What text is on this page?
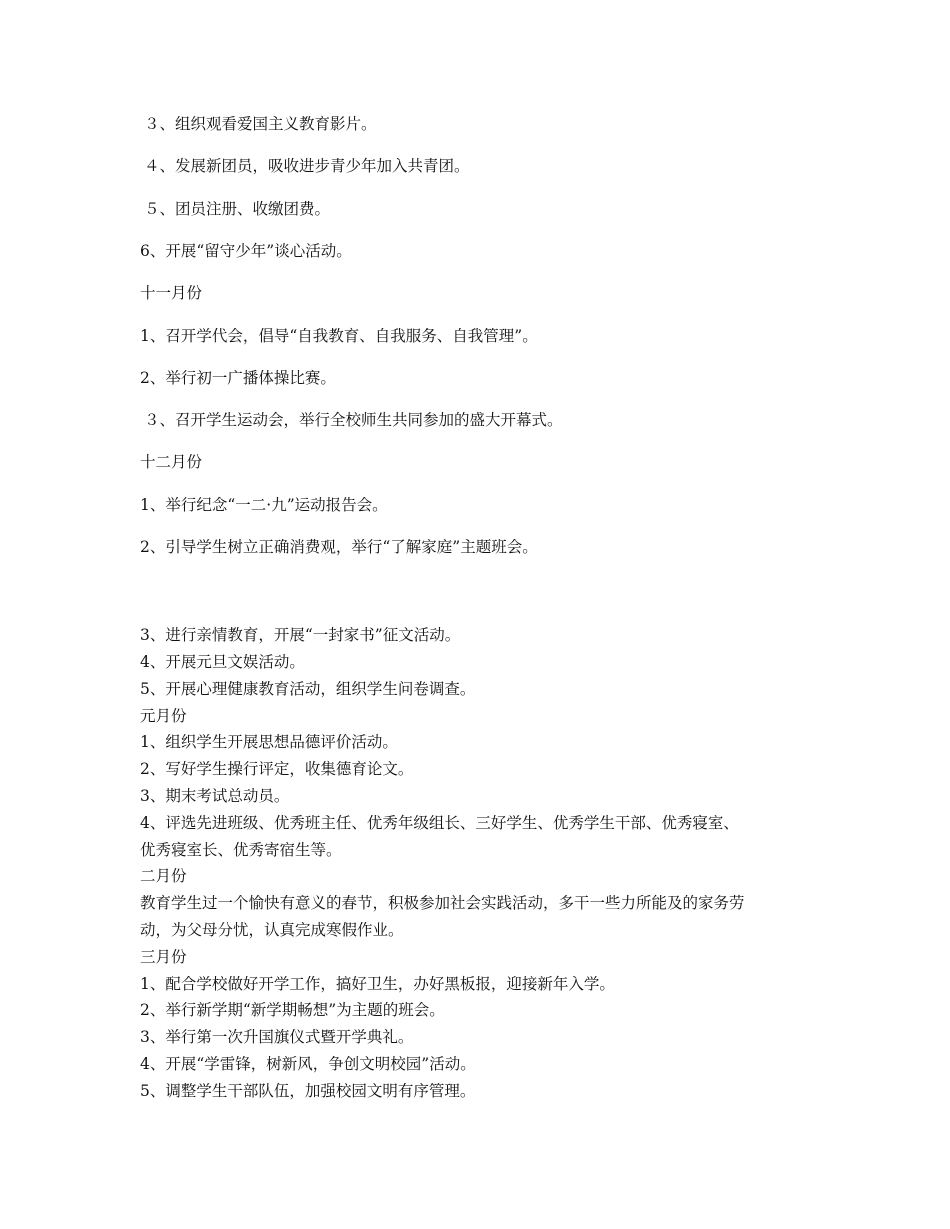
３、组织观看爱国主义教育影片。
４、发展新团员，吸收进步青少年加入共青团。
５、团员注册、收缴团费。
6、开展“留守少年”谈心活动。
十一月份
1、召开学代会，倡导“自我教育、自我服务、自我管理”。
2、举行初一广播体操比赛。
３、召开学生运动会，举行全校师生共同参加的盛大开幕式。
十二月份
1、举行纪念“一二·九”运动报告会。
2、引导学生树立正确消费观，举行“了解家庭”主题班会。
3、进行亲情教育，开展“一封家书”征文活动。
4、开展元旦文娱活动。
5、开展心理健康教育活动，组织学生问卷调查。
元月份
1、组织学生开展思想品德评价活动。
2、写好学生操行评定，收集德育论文。
3、期末考试总动员。
4、评选先进班级、优秀班主任、优秀年级组长、三好学生、优秀学生干部、优秀寝室、
优秀寝室长、优秀寄宿生等。
二月份
教育学生过一个愉快有意义的春节，积极参加社会实践活动，多干一些力所能及的家务劳
动，为父母分忧，认真完成寒假作业。
三月份
1、配合学校做好开学工作，搞好卫生，办好黑板报，迎接新年入学。
2、举行新学期“新学期畅想”为主题的班会。
3、举行第一次升国旗仪式暨开学典礼。
4、开展“学雷锋，树新风，争创文明校园”活动。
5、调整学生干部队伍，加强校园文明有序管理。
